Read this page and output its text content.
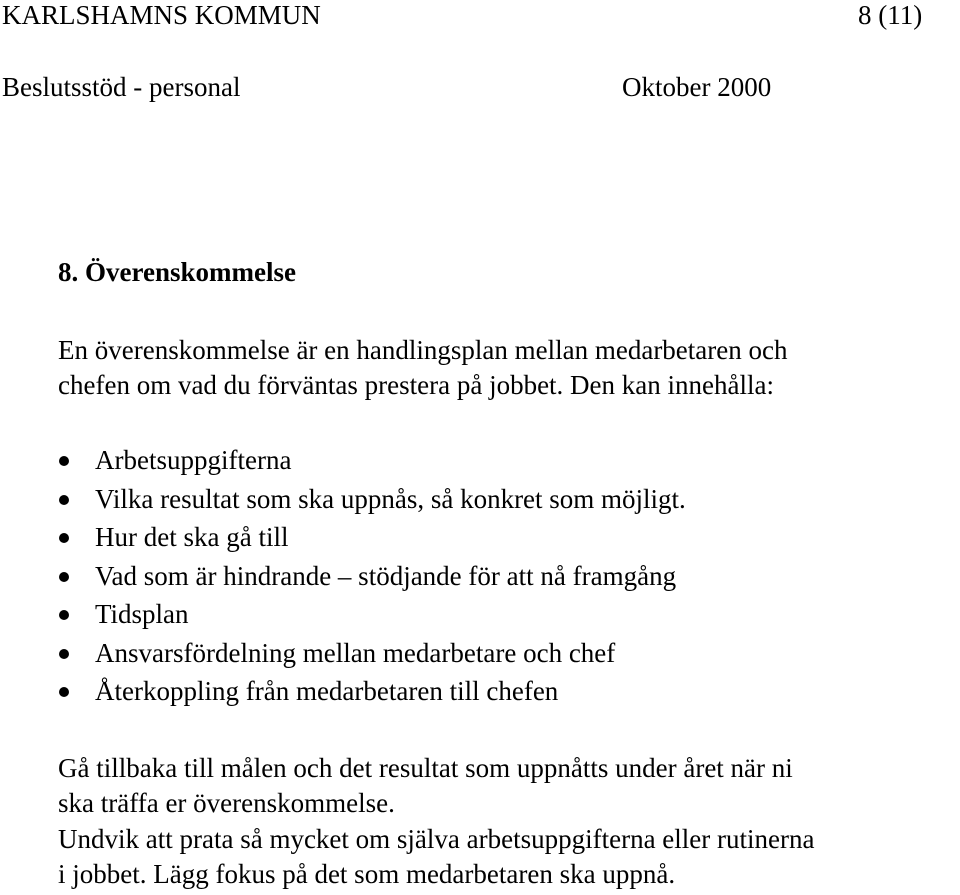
KARLSHAMNS KOMMUN	8 (11)
Beslutsstöd - personal	Oktober 2000
8. Överenskommelse
En överenskommelse är en handlingsplan mellan medarbetaren och
chefen om vad du förväntas prestera på jobbet. Den kan innehålla:
Arbetsuppgifterna
Vilka resultat som ska uppnås, så konkret som möjligt.
Hur det ska gå till
Vad som är hindrande – stödjande för att nå framgång
Tidsplan
Ansvarsfördelning mellan medarbetare och chef
Återkoppling från medarbetaren till chefen
Gå tillbaka till målen och det resultat som uppnåtts under året när ni
ska träffa er överenskommelse.
Undvik att prata så mycket om själva arbetsuppgifterna eller rutinerna
i jobbet. Lägg fokus på det som medarbetaren ska uppnå.
